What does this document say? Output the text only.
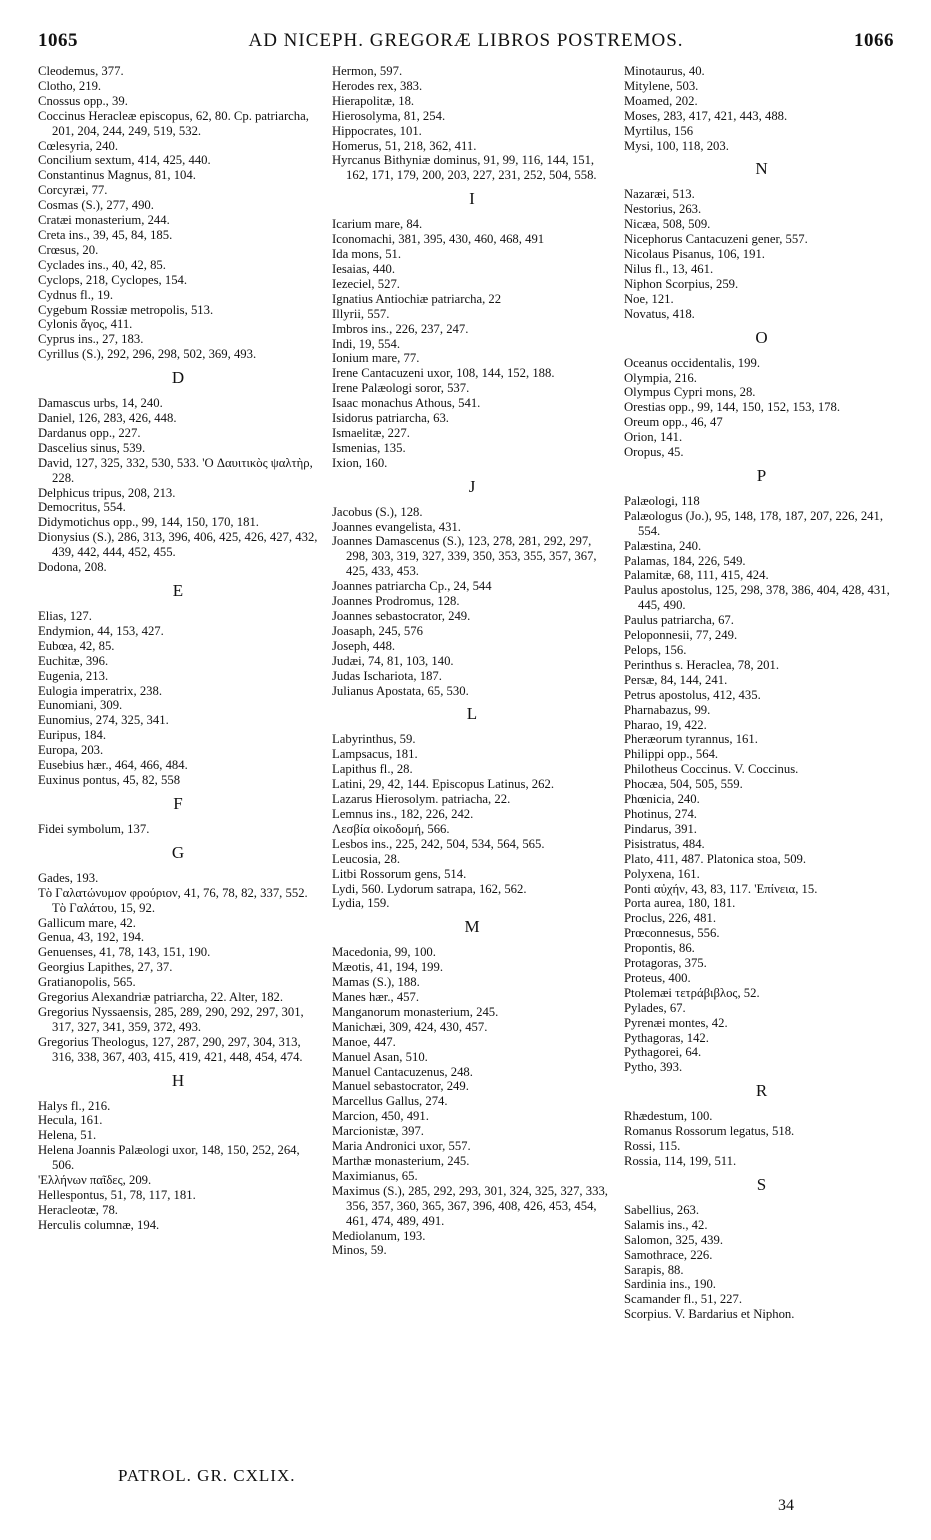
1065	AD NICEPH. GREGORÆ LIBROS POSTREMOS.	1066
Cleodemus, 377.
Clotho, 219.
Cnossus opp., 39.
Coccinus Heracleæ episcopus, 62, 80. Cp. patriarcha, 201, 204, 244, 249, 519, 532.
Cœlesyria, 240.
Concilium sextum, 414, 425, 440.
Constantinus Magnus, 81, 104.
Corcyræi, 77.
Cosmas (S.), 277, 490.
Cratæi monasterium, 244.
Creta ins., 39, 45, 84, 185.
Crœsus, 20.
Cyclades ins., 40, 42, 85.
Cyclops, 218, Cyclopes, 154.
Cydnus fl., 19.
Cygebum Rossiæ metropolis, 513.
Cylonis ἄγος, 411.
Cyprus ins., 27, 183.
Cyrillus (S.), 292, 296, 298, 502, 369, 493.
D
Damascus urbs, 14, 240.
Daniel, 126, 283, 426, 448.
Dardanus opp., 227.
Dascelius sinus, 539.
David, 127, 325, 332, 530, 533. 'O Δαυιτικὸς ψαλτὴρ, 228.
Delphicus tripus, 208, 213.
Democritus, 554.
Didymotichus opp., 99, 144, 150, 170, 181.
Dionysius (S.), 286, 313, 396, 406, 425, 426, 427, 432, 439, 442, 444, 452, 455.
Dodona, 208.
E
Elias, 127.
Endymion, 44, 153, 427.
Eubœa, 42, 85.
Euchitæ, 396.
Eugenia, 213.
Eulogia imperatrix, 238.
Eunomiani, 309.
Eunomius, 274, 325, 341.
Euripus, 184.
Europa, 203.
Eusebius hær., 464, 466, 484.
Euxinus pontus, 45, 82, 558
F
Fidei symbolum, 137.
G
Gades, 193.
Τὸ Γαλατώνυμον φρούριον, 41, 76, 78, 82, 337, 552. Τὸ Γαλάτου, 15, 92.
Gallicum mare, 42.
Genua, 43, 192, 194.
Genuenses, 41, 78, 143, 151, 190.
Georgius Lapithes, 27, 37.
Gratianopolis, 565.
Gregorius Alexandriæ patriarcha, 22. Alter, 182.
Gregorius Nyssaensis, 285, 289, 290, 292, 297, 301, 317, 327, 341, 359, 372, 493.
Gregorius Theologus, 127, 287, 290, 297, 304, 313, 316, 338, 367, 403, 415, 419, 421, 448, 454, 474.
H
Halys fl., 216.
Hecula, 161.
Helena, 51.
Helena Joannis Palæologi uxor, 148, 150, 252, 264, 506.
'Ελλήνων παῖδες, 209.
Hellespontus, 51, 78, 117, 181.
Heracleotæ, 78.
Herculis columnæ, 194.
Hermon, 597.
Herodes rex, 383.
Hierapolitæ, 18.
Hierosolyma, 81, 254.
Hippocrates, 101.
Homerus, 51, 218, 362, 411.
Hyrcanus Bithyniæ dominus, 91, 99, 116, 144, 151, 162, 171, 179, 200, 203, 227, 231, 252, 504, 558.
I
Icarium mare, 84.
Iconomachi, 381, 395, 430, 460, 468, 491
Ida mons, 51.
Iesaias, 440.
Iezeciel, 527.
Ignatius Antiochiæ patriarcha, 22
Illyrii, 557.
Imbros ins., 226, 237, 247.
Indi, 19, 554.
Ionium mare, 77.
Irene Cantacuzeni uxor, 108, 144, 152, 188.
Irene Palæologi soror, 537.
Isaac monachus Athous, 541.
Isidorus patriarcha, 63.
Ismaelitæ, 227.
Ismenias, 135.
Ixion, 160.
J
Jacobus (S.), 128.
Joannes evangelista, 431.
Joannes Damascenus (S.), 123, 278, 281, 292, 297, 298, 303, 319, 327, 339, 350, 353, 355, 357, 367, 425, 433, 453.
Joannes patriarcha Cp., 24, 544
Joannes Prodromus, 128.
Joannes sebastocrator, 249.
Joasaph, 245, 576
Joseph, 448.
Judæi, 74, 81, 103, 140.
Judas Ischariota, 187.
Julianus Apostata, 65, 530.
L
Labyrinthus, 59.
Lampsacus, 181.
Lapithus fl., 28.
Latini, 29, 42, 144. Episcopus Latinus, 262.
Lazarus Hierosolym. patriacha, 22.
Lemnus ins., 182, 226, 242.
Λεσβία οἰκοδομή, 566.
Lesbos ins., 225, 242, 504, 534, 564, 565.
Leucosia, 28.
Litbi Rossorum gens, 514.
Lydi, 560. Lydorum satrapa, 162, 562.
Lydia, 159.
M
Macedonia, 99, 100.
Mæotis, 41, 194, 199.
Mamas (S.), 188.
Manes hær., 457.
Manganorum monasterium, 245.
Manichæi, 309, 424, 430, 457.
Manoe, 447.
Manuel Asan, 510.
Manuel Cantacuzenus, 248.
Manuel sebastocrator, 249.
Marcellus Gallus, 274.
Marcion, 450, 491.
Marcionistæ, 397.
Maria Andronici uxor, 557.
Marthæ monasterium, 245.
Maximianus, 65.
Maximus (S.), 285, 292, 293, 301, 324, 325, 327, 333, 356, 357, 360, 365, 367, 396, 408, 426, 453, 454, 461, 474, 489, 491.
Mediolanum, 193.
Minos, 59.
Minotaurus, 40.
Mitylene, 503.
Moamed, 202.
Moses, 283, 417, 421, 443, 488.
Myrtilus, 156
Mysi, 100, 118, 203.
N
Nazaræi, 513.
Nestorius, 263.
Nicæa, 508, 509.
Nicephorus Cantacuzeni gener, 557.
Nicolaus Pisanus, 106, 191.
Nilus fl., 13, 461.
Niphon Scorpius, 259.
Noe, 121.
Novatus, 418.
O
Oceanus occidentalis, 199.
Olympia, 216.
Olympus Cypri mons, 28.
Orestias opp., 99, 144, 150, 152, 153, 178.
Oreum opp., 46, 47
Orion, 141.
Oropus, 45.
P
Palæologi, 118
Palæologus (Jo.), 95, 148, 178, 187, 207, 226, 241, 554.
Palæstina, 240.
Palamas, 184, 226, 549.
Palamitæ, 68, 111, 415, 424.
Paulus apostolus, 125, 298, 378, 386, 404, 428, 431, 445, 490.
Paulus patriarcha, 67.
Peloponnesii, 77, 249.
Pelops, 156.
Perinthus s. Heraclea, 78, 201.
Persæ, 84, 144, 241.
Petrus apostolus, 412, 435.
Pharnabazus, 99.
Pharao, 19, 422.
Pheræorum tyrannus, 161.
Philippi opp., 564.
Philotheus Coccinus. V. Coccinus.
Phocæa, 504, 505, 559.
Phœnicia, 240.
Photinus, 274.
Pindarus, 391.
Pisistratus, 484.
Plato, 411, 487. Platonica stoa, 509.
Polyxena, 161.
Ponti αὐχήν, 43, 83, 117. 'Επίνεια, 15.
Porta aurea, 180, 181.
Proclus, 226, 481.
Prœconnesus, 556.
Propontis, 86.
Protagoras, 375.
Proteus, 400.
Ptolemæi τετράβιβλος, 52.
Pylades, 67.
Pyrenæi montes, 42.
Pythagoras, 142.
Pythagorei, 64.
Pytho, 393.
R
Rhædestum, 100.
Romanus Rossorum legatus, 518.
Rossi, 115.
Rossia, 114, 199, 511.
S
Sabellius, 263.
Salamis ins., 42.
Salomon, 325, 439.
Samothrace, 226.
Sarapis, 88.
Sardinia ins., 190.
Scamander fl., 51, 227.
Scorpius. V. Bardarius et Niphon.
PATROL. GR. CXLIX.
34
